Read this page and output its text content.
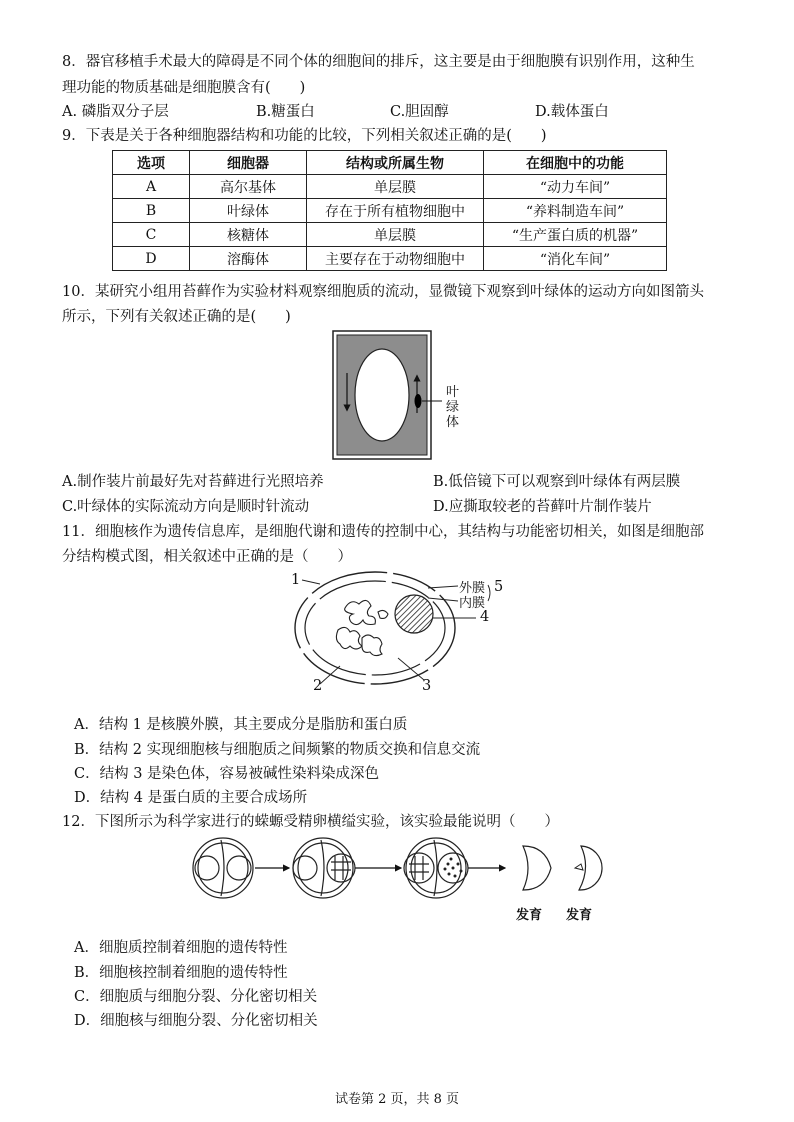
8．器官移植手术最大的障碍是不同个体的细胞间的排斥，这主要是由于细胞膜有识别作用，这种生
理功能的物质基础是细胞膜含有(　　)
A. 磷脂双分子层	B.糖蛋白	C.胆固醇	D.载体蛋白
9．下表是关于各种细胞器结构和功能的比较，下列相关叙述正确的是(　　)
选项	细胞器	结构或所属生物	在细胞中的功能
A	高尔基体	单层膜	“动力车间”
B	叶绿体	存在于所有植物细胞中	“养料制造车间”
C	核糖体	单层膜	“生产蛋白质的机器”
D	溶酶体	主要存在于动物细胞中	“消化车间”
10．某研究小组用苔藓作为实验材料观察细胞质的流动，显微镜下观察到叶绿体的运动方向如图箭头
所示，下列有关叙述正确的是(　　)
叶
绿
体
A.制作装片前最好先对苔藓进行光照培养	B.低倍镜下可以观察到叶绿体有两层膜
C.叶绿体的实际流动方向是顺时针流动	D.应撕取较老的苔藓叶片制作装片
11．细胞核作为遗传信息库，是细胞代谢和遗传的控制中心，其结构与功能密切相关，如图是细胞部
分结构模式图，相关叙述中正确的是（　　）
1
2	3
4
5
外膜
内膜
A．结构 1 是核膜外膜，其主要成分是脂肪和蛋白质
B．结构 2 实现细胞核与细胞质之间频繁的物质交换和信息交流
C．结构 3 是染色体，容易被碱性染料染成深色
D．结构 4 是蛋白质的主要合成场所
12．下图所示为科学家进行的蝾螈受精卵横缢实验，该实验最能说明（　　）
发育 发育
A．细胞质控制着细胞的遗传特性
B．细胞核控制着细胞的遗传特性
C．细胞质与细胞分裂、分化密切相关
D．细胞核与细胞分裂、分化密切相关
试卷第 2 页，共 8 页
